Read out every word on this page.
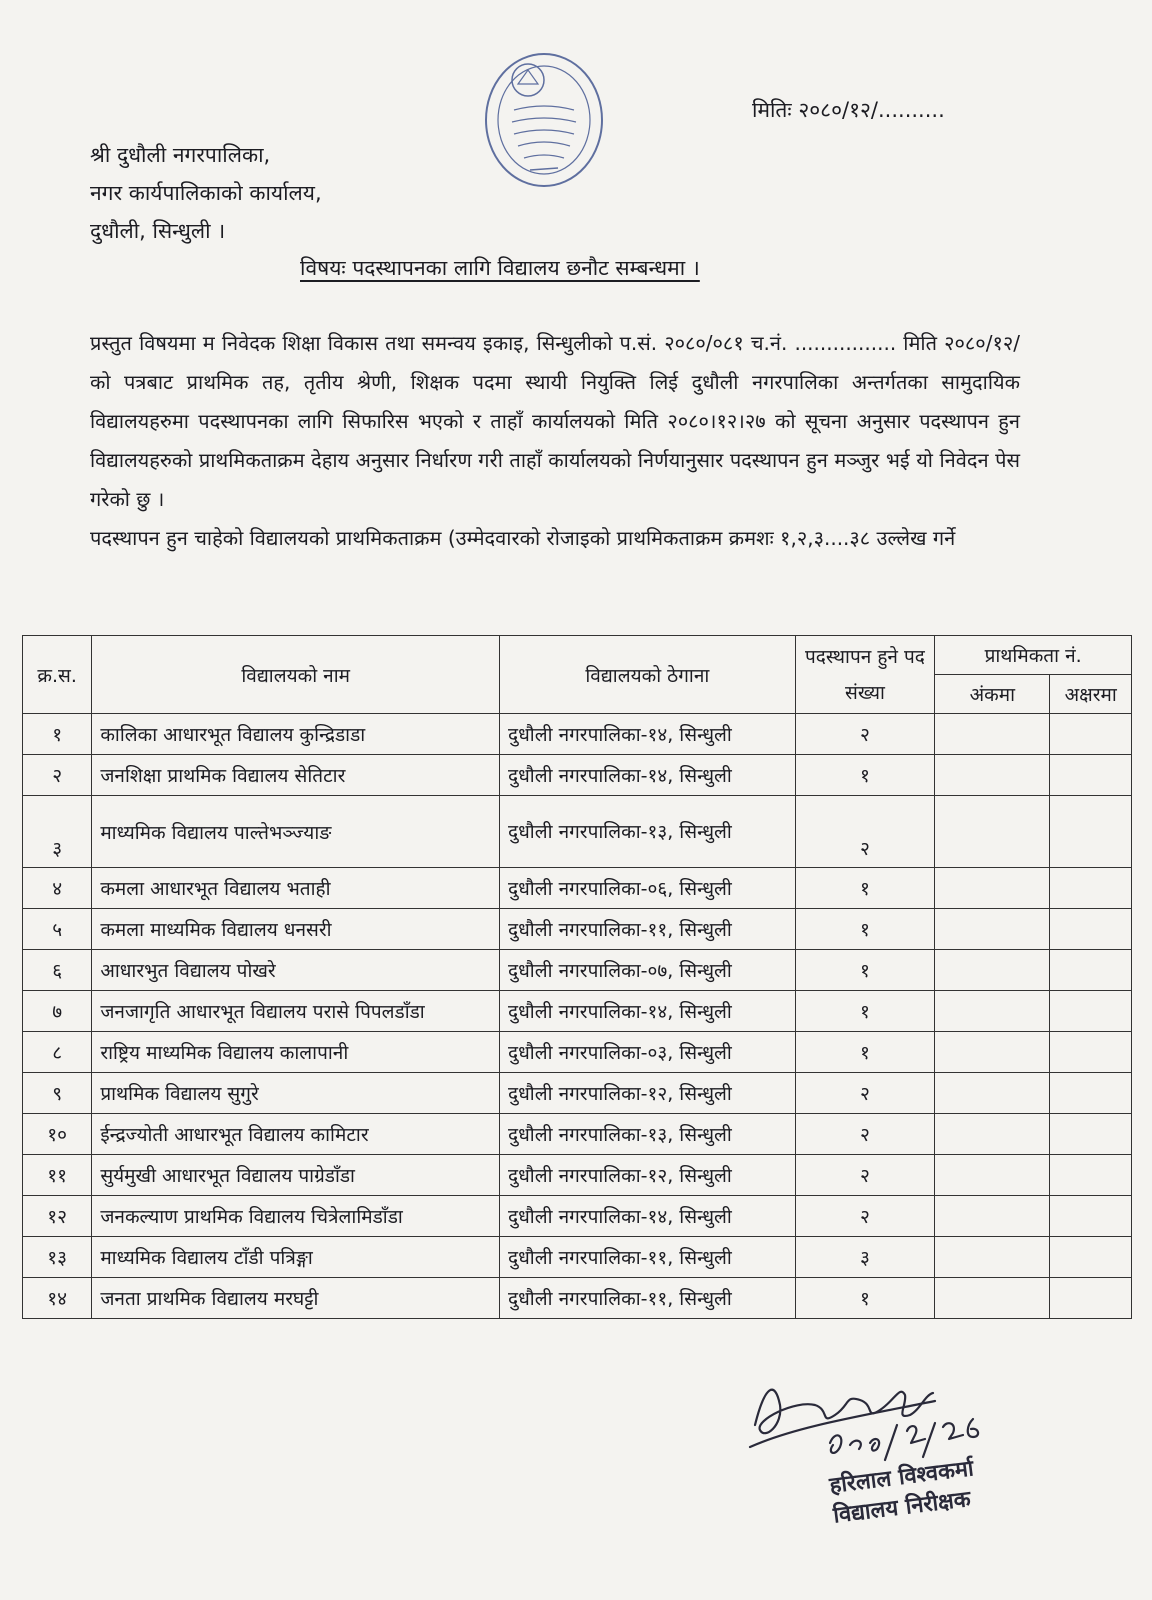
मितिः २०८०/१२/..........
श्री दुधौली नगरपालिका,
नगर कार्यपालिकाको कार्यालय,
दुधौली, सिन्धुली ।
विषयः पदस्थापनका लागि विद्यालय छनौट सम्बन्धमा ।

प्रस्तुत विषयमा म निवेदक शिक्षा विकास तथा समन्वय इकाइ, सिन्धुलीको प.सं. २०८०/०८१ च.नं. ................ मिति २०८०/१२/ को पत्रबाट प्राथमिक तह, तृतीय श्रेणी, शिक्षक पदमा स्थायी नियुक्ति लिई दुधौली नगरपालिका अन्तर्गतका सामुदायिक विद्यालयहरुमा पदस्थापनका लागि सिफारिस भएको र ताहाँ कार्यालयको मिति २०८०।१२।२७ को सूचना अनुसार पदस्थापन हुन विद्यालयहरुको प्राथमिकताक्रम देहाय अनुसार निर्धारण गरी ताहाँ कार्यालयको निर्णयानुसार पदस्थापन हुन मञ्जुर भई यो निवेदन पेस गरेको छु ।

पदस्थापन हुन चाहेको विद्यालयको प्राथमिकताक्रम (उम्मेदवारको रोजाइको प्राथमिकताक्रम क्रमशः १,२,३....३८ उल्लेख गर्ने

क्र.स.	विद्यालयको नाम	विद्यालयको ठेगाना	पदस्थापन हुने पद संख्या	प्राथमिकता नं.	
				अंकमा	अक्षरमा
१	कालिका आधारभूत विद्यालय कुन्द्रिडाडा	दुधौली नगरपालिका-१४, सिन्धुली	२		
२	जनशिक्षा प्राथमिक विद्यालय सेतिटार	दुधौली नगरपालिका-१४, सिन्धुली	१		
३	माध्यमिक विद्यालय पाल्तेभञ्ज्याङ	दुधौली नगरपालिका-१३, सिन्धुली	२		
४	कमला आधारभूत विद्यालय भताही	दुधौली नगरपालिका-०६, सिन्धुली	१		
५	कमला माध्यमिक विद्यालय धनसरी	दुधौली नगरपालिका-११, सिन्धुली	१		
६	आधारभुत विद्यालय पोखरे	दुधौली नगरपालिका-०७, सिन्धुली	१		
७	जनजागृति आधारभूत विद्यालय परासे पिपलडाँडा	दुधौली नगरपालिका-१४, सिन्धुली	१		
८	राष्ट्रिय माध्यमिक विद्यालय कालापानी	दुधौली नगरपालिका-०३, सिन्धुली	१		
९	प्राथमिक विद्यालय सुगुरे	दुधौली नगरपालिका-१२, सिन्धुली	२		
१०	ईन्द्रज्योती आधारभूत विद्यालय कामिटार	दुधौली नगरपालिका-१३, सिन्धुली	२		
११	सुर्यमुखी आधारभूत विद्यालय पाग्रेडाँडा	दुधौली नगरपालिका-१२, सिन्धुली	२		
१२	जनकल्याण प्राथमिक विद्यालय चित्रेलामिडाँडा	दुधौली नगरपालिका-१४, सिन्धुली	२		
१३	माध्यमिक विद्यालय टाँडी पत्रिङ्गा	दुधौली नगरपालिका-११, सिन्धुली	३		
१४	जनता प्राथमिक विद्यालय मरघट्टी	दुधौली नगरपालिका-११, सिन्धुली	१		
हरिलाल विश्वकर्मा
विद्यालय निरीक्षक
